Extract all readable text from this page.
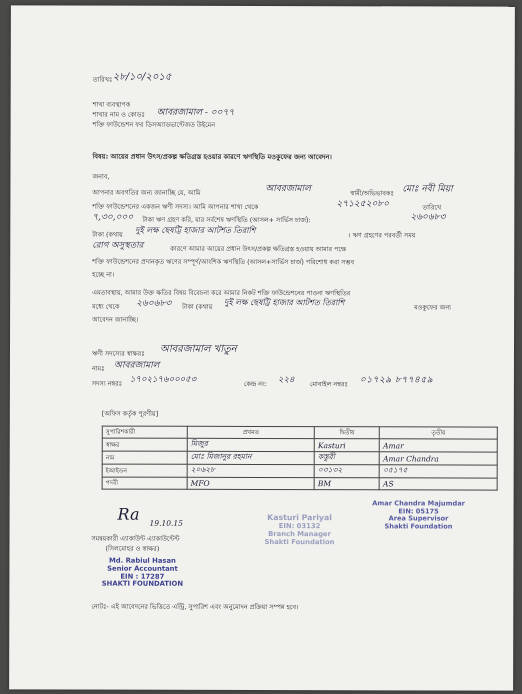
তারিখঃ ২৮/১০/২০১৫
শাখা ব্যবস্থাপক
শাখার নাম ও কোডঃ আবরজামাল - ০০৭৭
শক্তি ফাউন্ডেশন ফর ডিসঅ্যাডভান্টেজড উইমেন
বিষয়: আয়ের প্রধান উৎস/প্রকল্প ক্ষতিগ্রস্ত হওয়ার কারণে ঋণস্থিতি মওকুফের জন্য আবেদন।
জনাব,
আপনার অবগতির জন্য জানাচ্ছি যে, আমি	আবরজামাল	স্বামী/অভিভাবকঃ মোঃ নবী মিয়া
শক্তি ফাউন্ডেশনের একজন ঋণী সদস্য। আমি আপনার শাখা থেকে	২৭১২৫২০৮০	তারিখে
৭,৩০,০০০ টাকা ঋণ গ্রহণ করি, যার সর্বশেষ ঋণস্থিতি (আসল+ সার্ভিস চার্জ):	২৬০৬৮৩
টাকা (কথায় দুই লক্ষ ছেষট্টি হাজার আটশত তিরাশি
। ঋণ গ্রহণের পরবর্তী সময়
রোগ অসুস্থতার	কারণে আমার আয়ের প্রধান উৎস/প্রকল্প ক্ষতিগ্রস্ত হওয়ায় আমার পক্ষে
শক্তি ফাউন্ডেশনের প্রদানকৃত ঋণের সম্পূর্ণ/আংশিক ঋণস্থিতি (আসল+সার্ভিস চার্জ) পরিশোধ করা সম্ভব
হচ্ছে না।
এমতাবস্থায়, আমার উক্ত ক্ষতির বিষয় বিবেচনা করে আমার নিকট শক্তি ফাউন্ডেশনের পাওনা ঋণস্থিতির
মধ্যে থেকে ২৬০৬৮৩ টাকা (কথায় দুই লক্ষ ছেষট্টি হাজার আটশত তিরাশি
মওকুফের জন্য
আবেদন জানাচ্ছি।
ঋণী সদস্যের স্বাক্ষরঃ আবরজামাল খাতুন
নামঃ আবরজামাল
সদস্য নম্বরঃ ১৭০২১৭৬০০০৫৩	কেন্দ্র নং: ২২৪ মোবাইল নম্বরঃ ০১৭২৯ ৮৭৭৪৫৯
[অফিস কর্তৃক পূরণীয়]
সুপারিশকারী	প্রথমত	দ্বিতীয়	তৃতীয়
স্বাক্ষর	মিজুর	Kasturi	Amar
নাম	মোঃ মিজানুর রহমান	কস্তুরী	Amar Chandra
ইআইডন	২০৬২৮	০৩১৩২	০৫১৭৫
পদবী	MFO	BM	AS
Ra 19.10.15
সমন্বয়কারী এ্যাকাউন্ট এ্যাকাউন্টেন্ট
(সিলমোহর ও স্বাক্ষর)
Md. Rabiul Hasan
Senior Accountant
EIN : 17287
SHAKTI FOUNDATION
Kasturi Pariyal
EIN: 03132
Branch Manager
Shakti Foundation
Amar Chandra Majumdar
EIN: 05175
Area Supervisor
Shakti Foundation
নোটঃ- এই আবেদনের ভিত্তিতে এন্ট্রি, সুপারিশ এবং অনুমোদন প্রক্রিয়া সম্পন্ন হবে।
